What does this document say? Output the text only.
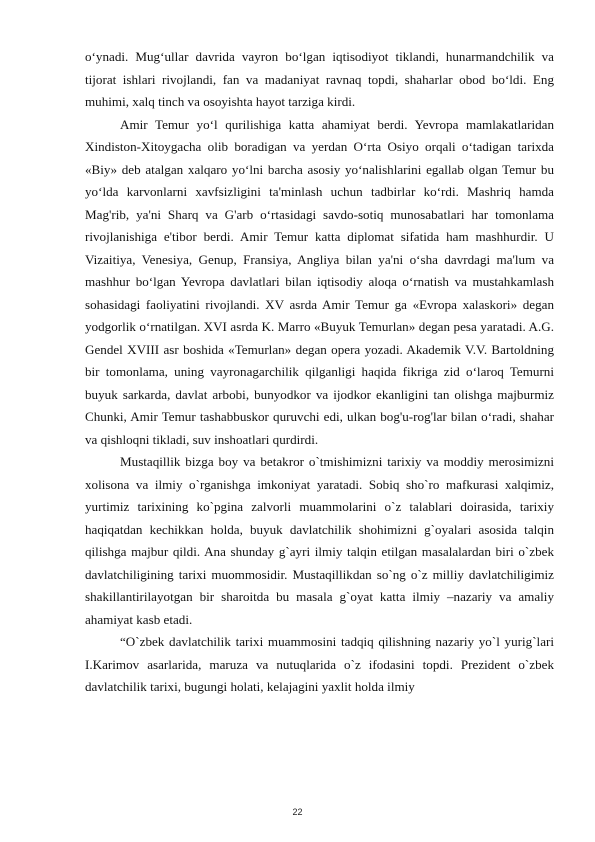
o‘ynadi. Mug‘ullar davrida vayron bo‘lgan iqtisodiyot tiklandi, hunarmandchilik va tijorat ishlari rivojlandi, fan va madaniyat ravnaq topdi, shaharlar obod bo‘ldi. Eng muhimi, xalq tinch va osoyishta hayot tarziga kirdi.

Amir Temur yo‘l qurilishiga katta ahamiyat berdi. Yevropa mamlakatlaridan Xindiston-Xitoygacha olib boradigan va yerdan O‘rta Osiyo orqali o‘tadigan tarixda «Biy» deb atalgan xalqaro yo‘lni barcha asosiy yo‘nalishlarini egallab olgan Temur bu yo‘lda karvonlarni xavfsizligini ta'minlash uchun tadbirlar ko‘rdi. Mashriq hamda Mag'rib, ya'ni Sharq va G'arb o‘rtasidagi savdo-sotiq munosabatlari har tomonlama rivojlanishiga e'tibor berdi. Amir Temur katta diplomat sifatida ham mashhurdir. U Vizaitiya, Venesiya, Genup, Fransiya, Angliya bilan ya'ni o‘sha davrdagi ma'lum va mashhur bo‘lgan Yevropa davlatlari bilan iqtisodiy aloqa o‘rnatish va mustahkamlash sohasidagi faoliyatini rivojlandi. XV asrda Amir Temur ga «Evropa xalaskori» degan yodgorlik o‘rnatilgan. XVI asrda K. Marro «Buyuk Temurlan» degan pesa yaratadi. A.G. Gendel XVIII asr boshida «Temurlan» degan opera yozadi. Akademik V.V. Bartoldning bir tomonlama, uning vayronagarchilik qilganligi haqida fikriga zid o‘laroq Temurni buyuk sarkarda, davlat arbobi, bunyodkor va ijodkor ekanligini tan olishga majburmiz Chunki, Amir Temur tashabbuskor quruvchi edi, ulkan bog'u-rog'lar bilan o‘radi, shahar va qishloqni tikladi, suv inshoatlari qurdirdi.

Mustaqillik bizga boy va betakror o`tmishimizni tarixiy va moddiy merosimizni xolisona va ilmiy o`rganishga imkoniyat yaratadi. Sobiq sho`ro mafkurasi xalqimiz, yurtimiz tarixining ko`pgina zalvorli muammolarini o`z talablari doirasida, tarixiy haqiqatdan kechikkan holda, buyuk davlatchilik shohimizni g`oyalari asosida talqin qilishga majbur qildi. Ana shunday g`ayri ilmiy talqin etilgan masalalardan biri o`zbek davlatchiligining tarixi muommosidir. Mustaqillikdan so`ng o`z milliy davlatchiligimiz shakillantirilayotgan bir sharoitda bu masala g`oyat katta ilmiy –nazariy va amaliy ahamiyat kasb etadi.

“O`zbek davlatchilik tarixi muammosini tadqiq qilishning nazariy yo`l yurig`lari I.Karimov asarlarida, maruza va nutuqlarida o`z ifodasini topdi. Prezident o`zbek davlatchilik tarixi, bugungi holati, kelajagini yaxlit holda ilmiy

22
